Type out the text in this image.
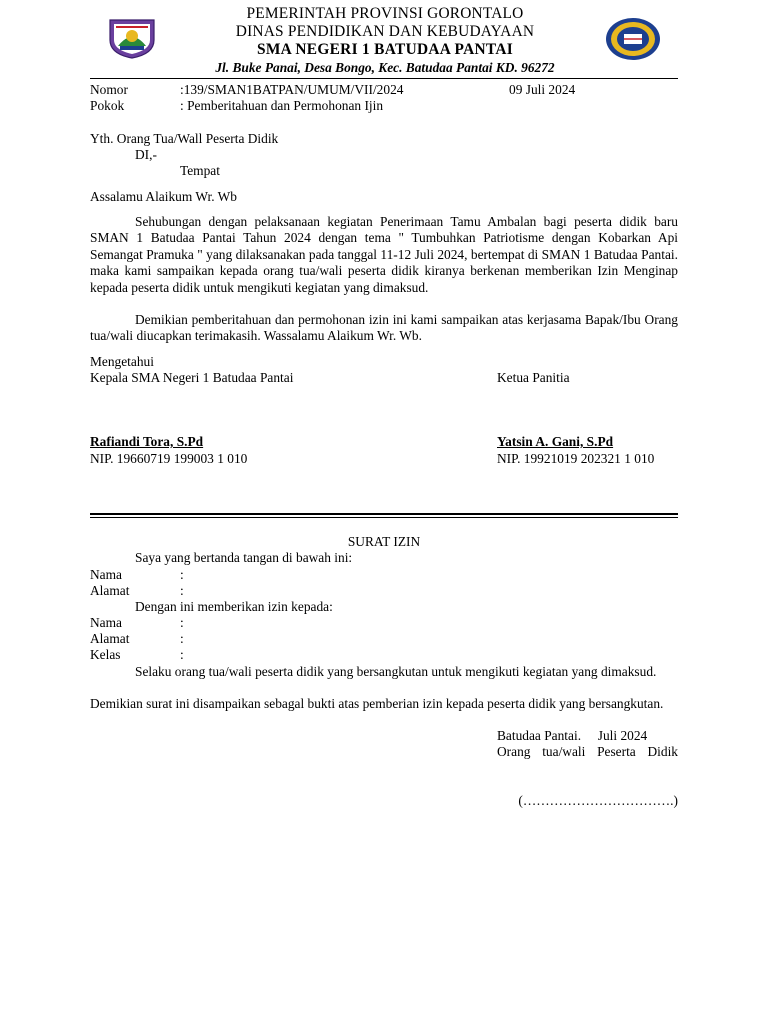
PEMERINTAH PROVINSI GORONTALO
DINAS PENDIDIKAN DAN KEBUDAYAAN
SMA NEGERI 1 BATUDAA PANTAI
Jl. Buke Panai, Desa Bongo, Kec. Batudaa Pantai KD. 96272
Nomor	:139/SMAN1BATPAN/UMUM/VII/2024	09 Juli 2024
Pokok	: Pemberitahuan dan Permohonan Ijin
Yth. Orang Tua/Wall Peserta Didik
DI,-
Tempat
Assalamu Alaikum Wr. Wb
Sehubungan dengan pelaksanaan kegiatan Penerimaan Tamu Ambalan bagi peserta didik baru SMAN 1 Batudaa Pantai Tahun 2024 dengan tema " Tumbuhkan Patriotisme dengan Kobarkan Api Semangat Pramuka " yang dilaksanakan pada tanggal 11-12 Juli 2024, bertempat di SMAN 1 Batudaa Pantai. maka kami sampaikan kepada orang tua/wali peserta didik kiranya berkenan memberikan Izin Menginap kepada peserta didik untuk mengikuti kegiatan yang dimaksud.
Demikian pemberitahuan dan permohonan izin ini kami sampaikan atas kerjasama Bapak/Ibu Orang tua/wali diucapkan terimakasih. Wassalamu Alaikum Wr. Wb.
Mengetahui
Kepala SMA Negeri 1 Batudaa Pantai	Ketua Panitia
Rafiandi Tora, S.Pd	Yatsin A. Gani, S.Pd
NIP. 19660719 199003 1 010	NIP. 19921019 202321 1 010
SURAT IZIN
Saya yang bertanda tangan di bawah ini:
Nama	:
Alamat	:
Dengan ini memberikan izin kepada:
Nama	:
Alamat	:
Kelas	:
Selaku orang tua/wali peserta didik yang bersangkutan untuk mengikuti kegiatan yang dimaksud.
Demikian surat ini disampaikan sebagal bukti atas pemberian izin kepada peserta didik yang bersangkutan.
Batudaa Pantai.     Juli 2024
Orang tua/wali Peserta Didik
(…………………………….)
